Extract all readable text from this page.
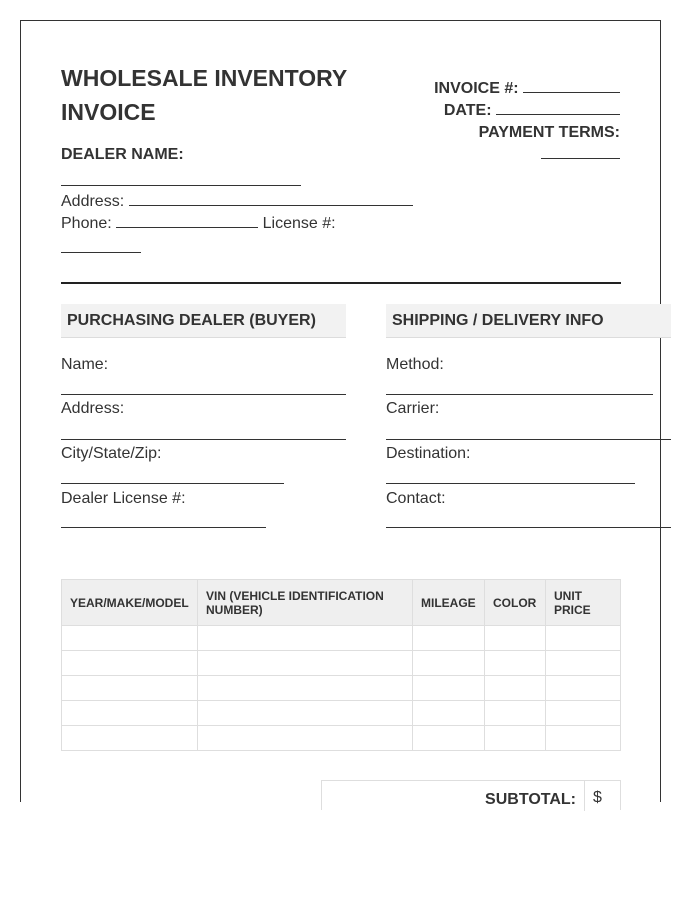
WHOLESALE INVENTORY INVOICE
INVOICE #:
DATE:
PAYMENT TERMS:
DEALER NAME:
Address:
Phone:	License #:
PURCHASING DEALER (BUYER)
Name:
Address:
City/State/Zip:
Dealer License #:
SHIPPING / DELIVERY INFO
Method:
Carrier:
Destination:
Contact:
YEAR/MAKE/MODEL	VIN (VEHICLE IDENTIFICATION NUMBER)	MILEAGE	COLOR	UNIT PRICE

SUBTOTAL: $
